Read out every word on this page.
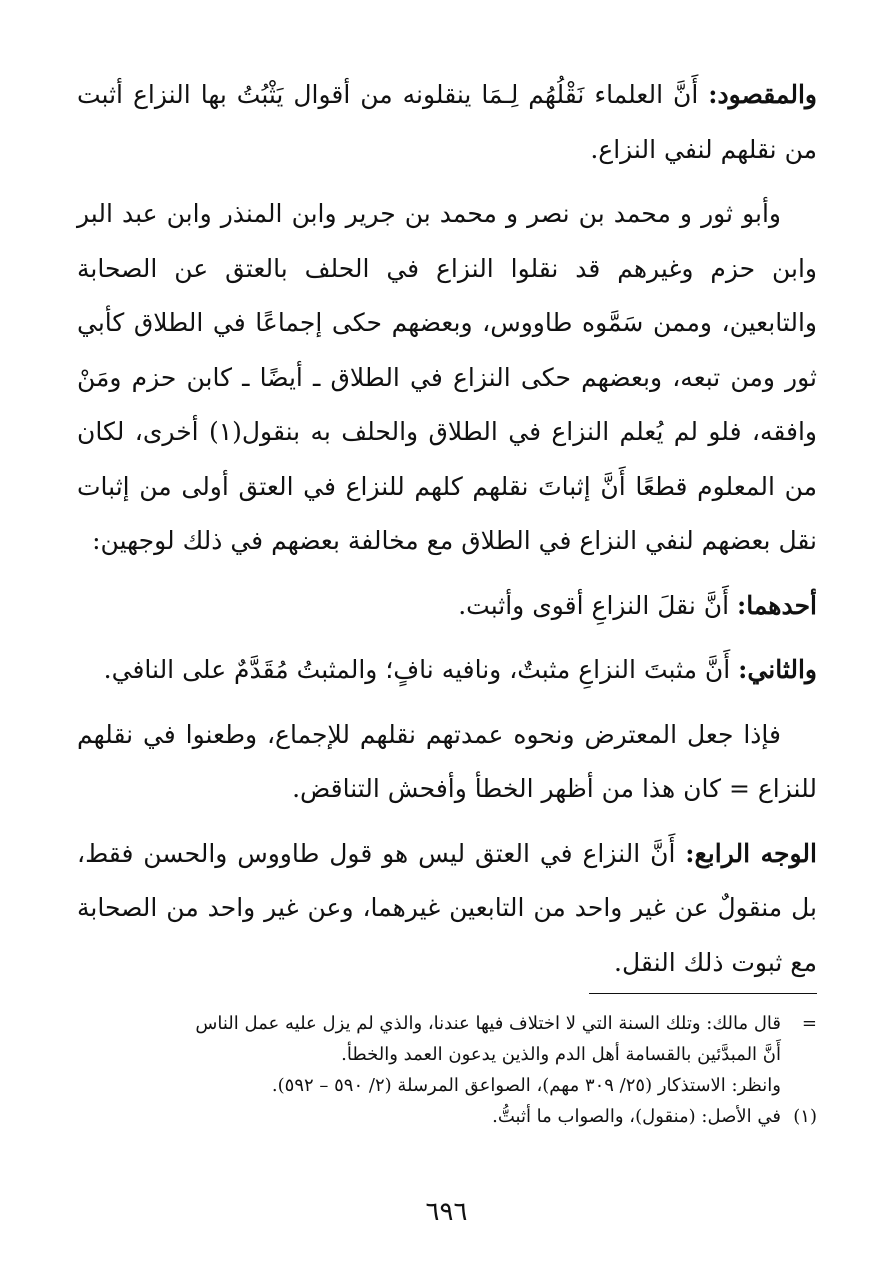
والمقصود: أَنَّ العلماء نَقْلُهُم لِـمَا ينقلونه من أقوال يَثْبُتُ بها النزاع أثبت من نقلهم لنفي النزاع.

وأبو ثور و محمد بن نصر و محمد بن جرير وابن المنذر وابن عبد البر وابن حزم وغيرهم قد نقلوا النزاع في الحلف بالعتق عن الصحابة والتابعين، وممن سَمَّوه طاووس، وبعضهم حكى إجماعًا في الطلاق كأبي ثور ومن تبعه، وبعضهم حكى النزاع في الطلاق ـ أيضًا ـ كابن حزم ومَنْ وافقه، فلو لم يُعلم النزاع في الطلاق والحلف به بنقول(١) أخرى، لكان من المعلوم قطعًا أَنَّ إثباتَ نقلهم كلهم للنزاع في العتق أولى من إثبات نقل بعضهم لنفي النزاع في الطلاق مع مخالفة بعضهم في ذلك لوجهين:

أحدهما: أَنَّ نقلَ النزاعِ أقوى وأثبت.

والثاني: أَنَّ مثبتَ النزاعِ مثبتٌ، ونافيه نافٍ؛ والمثبتُ مُقَدَّمٌ على النافي.

فإذا جعل المعترض ونحوه عمدتهم نقلهم للإجماع، وطعنوا في نقلهم للنزاع = كان هذا من أظهر الخطأ وأفحش التناقض.

الوجه الرابع: أَنَّ النزاع في العتق ليس هو قول طاووس والحسن فقط، بل منقولٌ عن غير واحد من التابعين غيرهما، وعن غير واحد من الصحابة مع ثبوت ذلك النقل.

=قال مالك: وتلك السنة التي لا اختلاف فيها عندنا، والذي لم يزل عليه عمل الناس

أَنَّ المبدَّئين بالقسامة أهل الدم والذين يدعون العمد والخطأ.

وانظر: الاستذكار (٢٥/ ٣٠٩ مهم)، الصواعق المرسلة (٢/ ٥٩٠ – ٥٩٢).

(١)في الأصل: (منقول)، والصواب ما أثبتُّ.

٦٩٦
